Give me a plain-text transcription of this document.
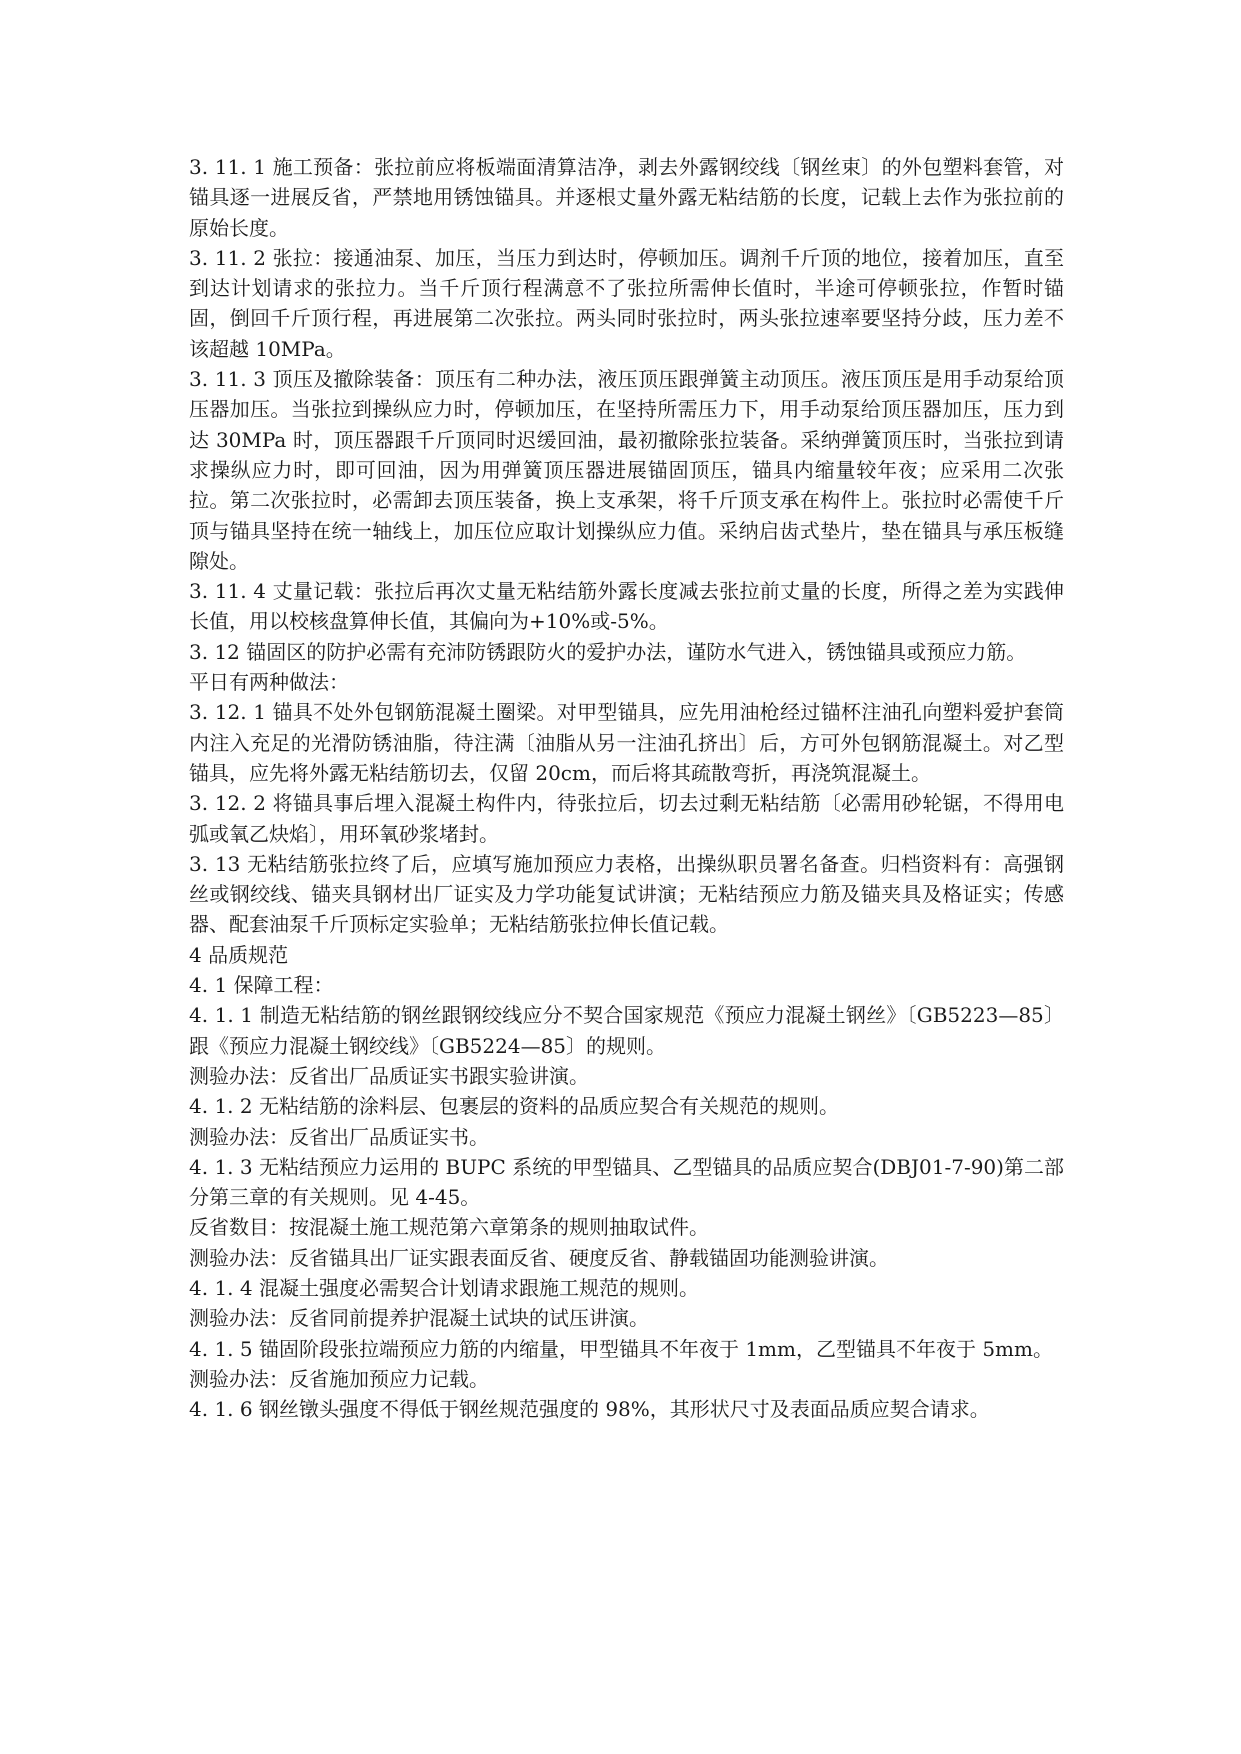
3. 11. 1 施工预备：张拉前应将板端面清算洁净，剥去外露钢绞线〔钢丝束〕的外包塑料套管，对锚具逐一进展反省，严禁地用锈蚀锚具。并逐根丈量外露无粘结筋的长度，记载上去作为张拉前的原始长度。

3. 11. 2 张拉：接通油泵、加压，当压力到达时，停顿加压。调剂千斤顶的地位，接着加压，直至到达计划请求的张拉力。当千斤顶行程满意不了张拉所需伸长值时，半途可停顿张拉，作暂时锚固，倒回千斤顶行程，再进展第二次张拉。两头同时张拉时，两头张拉速率要坚持分歧，压力差不该超越 10MPa。

3. 11. 3 顶压及撤除装备：顶压有二种办法，液压顶压跟弹簧主动顶压。液压顶压是用手动泵给顶压器加压。当张拉到操纵应力时，停顿加压，在坚持所需压力下，用手动泵给顶压器加压，压力到达 30MPa 时，顶压器跟千斤顶同时迟缓回油，最初撤除张拉装备。采纳弹簧顶压时，当张拉到请求操纵应力时，即可回油，因为用弹簧顶压器进展锚固顶压，锚具内缩量较年夜；应采用二次张拉。第二次张拉时，必需卸去顶压装备，换上支承架，将千斤顶支承在构件上。张拉时必需使千斤顶与锚具坚持在统一轴线上，加压位应取计划操纵应力值。采纳启齿式垫片，垫在锚具与承压板缝隙处。

3. 11. 4 丈量记载：张拉后再次丈量无粘结筋外露长度减去张拉前丈量的长度，所得之差为实践伸长值，用以校核盘算伸长值，其偏向为+10%或-5%。

3. 12 锚固区的防护必需有充沛防锈跟防火的爱护办法，谨防水气进入，锈蚀锚具或预应力筋。

平日有两种做法：

3. 12. 1 锚具不处外包钢筋混凝土圈梁。对甲型锚具，应先用油枪经过锚杯注油孔向塑料爱护套筒内注入充足的光滑防锈油脂，待注满〔油脂从另一注油孔挤出〕后，方可外包钢筋混凝土。对乙型锚具，应先将外露无粘结筋切去，仅留 20cm，而后将其疏散弯折，再浇筑混凝土。

3. 12. 2 将锚具事后埋入混凝土构件内，待张拉后，切去过剩无粘结筋〔必需用砂轮锯，不得用电弧或氧乙炔焰〕，用环氧砂浆堵封。

3. 13 无粘结筋张拉终了后，应填写施加预应力表格，出操纵职员署名备查。归档资料有：高强钢丝或钢绞线、锚夹具钢材出厂证实及力学功能复试讲演；无粘结预应力筋及锚夹具及格证实；传感器、配套油泵千斤顶标定实验单；无粘结筋张拉伸长值记载。

4 品质规范

4. 1 保障工程：

4. 1. 1 制造无粘结筋的钢丝跟钢绞线应分不契合国家规范《预应力混凝土钢丝》〔GB5223—85〕跟《预应力混凝土钢绞线》〔GB5224—85〕的规则。

测验办法：反省出厂品质证实书跟实验讲演。

4. 1. 2 无粘结筋的涂料层、包裹层的资料的品质应契合有关规范的规则。

测验办法：反省出厂品质证实书。

4. 1. 3 无粘结预应力运用的 BUPC 系统的甲型锚具、乙型锚具的品质应契合(DBJ01-7-90)第二部分第三章的有关规则。见 4-45。

反省数目：按混凝土施工规范第六章第条的规则抽取试件。

测验办法：反省锚具出厂证实跟表面反省、硬度反省、静载锚固功能测验讲演。

4. 1. 4 混凝土强度必需契合计划请求跟施工规范的规则。

测验办法：反省同前提养护混凝土试块的试压讲演。

4. 1. 5 锚固阶段张拉端预应力筋的内缩量，甲型锚具不年夜于 1mm，乙型锚具不年夜于 5mm。

测验办法：反省施加预应力记载。

4. 1. 6 钢丝镦头强度不得低于钢丝规范强度的 98%，其形状尺寸及表面品质应契合请求。
